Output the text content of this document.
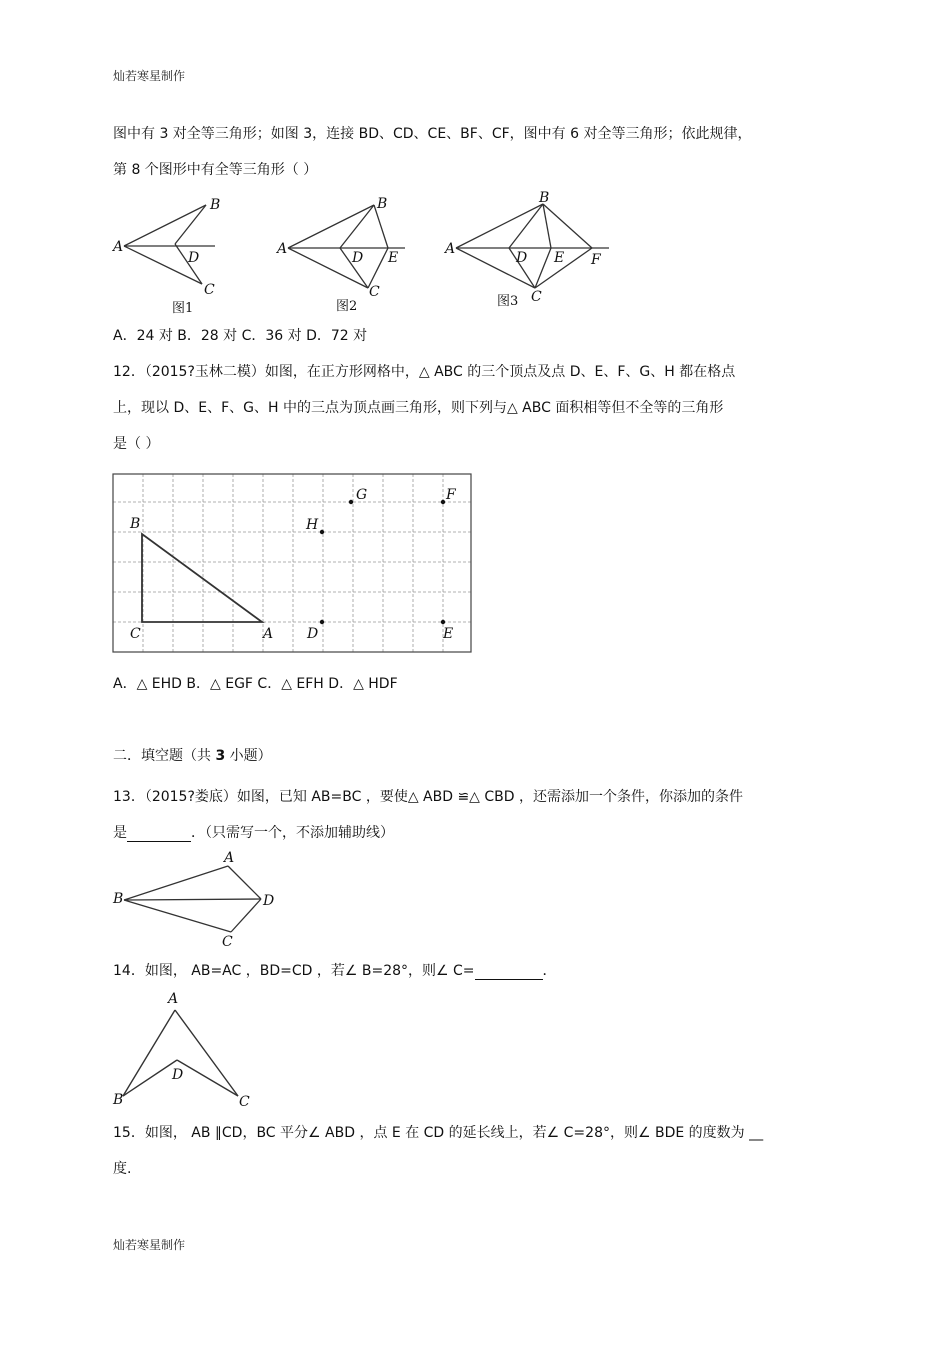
灿若寒星制作
灿若寒星制作
图中有 3 对全等三角形；如图 3，连接 BD、CD、CE、BF、CF，图中有 6 对全等三角形；依此规律，
第 8 个图形中有全等三角形（ ）
A
B
D
C
图1
A
B
D E
C
图2
A
B
D E F
C
图3
A．24 对 B．28 对 C．36 对 D．72 对
12．（2015?玉林二模）如图，在正方形网格中，△ ABC 的三个顶点及点 D、E、F、G、H 都在格点
上，现以 D、E、F、G、H 中的三点为顶点画三角形，则下列与△ ABC 面积相等但不全等的三角形
是（ ）
B
C	A
H
G	F
D	E
A．△ EHD B．△ EGF C．△ EFH D．△ HDF
二．填空题（共 3 小题）
13．（2015?娄底）如图，已知 AB=BC ，要使△ ABD ≌△ CBD ，还需添加一个条件，你添加的条件
是	．（只需写一个，不添加辅助线）
A
B	D
C
14．如图， AB=AC ，BD=CD ，若∠ B=28°，则∠ C=	．
A
D
B	C
15．如图， AB ∥CD，BC 平分∠ ABD ，点 E 在 CD 的延长线上，若∠ C=28°，则∠ BDE 的度数为 __
度.
